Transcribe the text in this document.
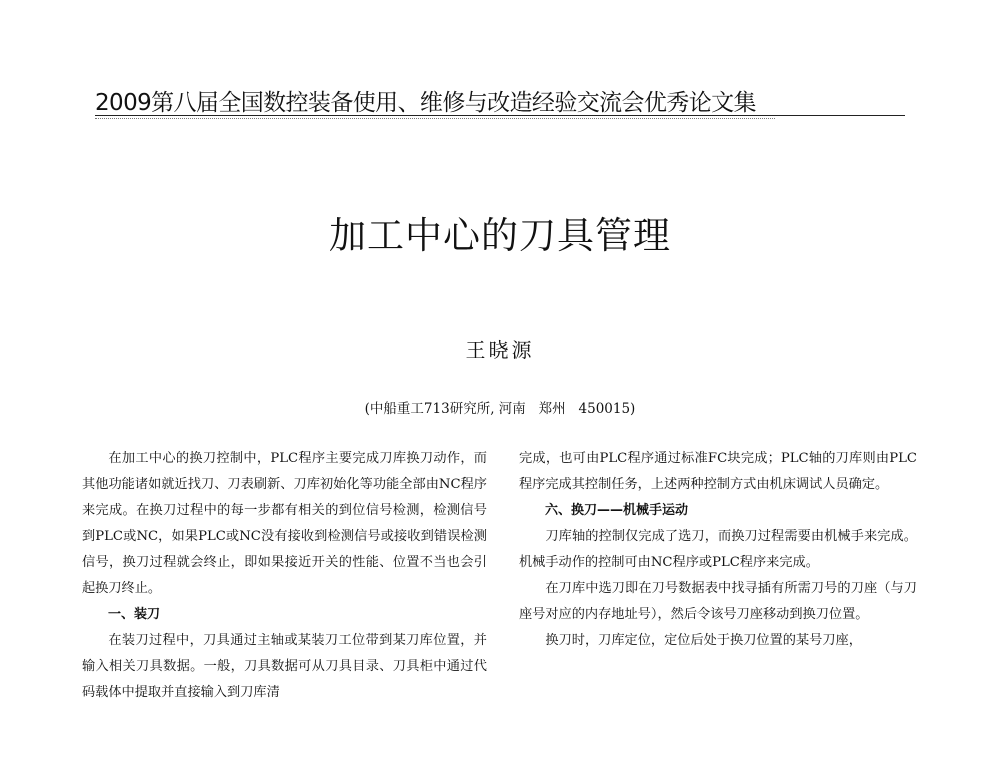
2009第八届全国数控装备使用、维修与改造经验交流会优秀论文集
加工中心的刀具管理
王晓源
(中船重工713研究所, 河南   郑州   450015)

在加工中心的换刀控制中，PLC程序主要完成刀库换刀动作，而其他功能诸如就近找刀、刀表刷新、刀库初始化等功能全部由NC程序来完成。在换刀过程中的每一步都有相关的到位信号检测，检测信号到PLC或NC，如果PLC或NC没有接收到检测信号或接收到错误检测信号，换刀过程就会终止，即如果接近开关的性能、位置不当也会引起换刀终止。

一、装刀

在装刀过程中，刀具通过主轴或某装刀工位带到某刀库位置，并输入相关刀具数据。一般，刀具数据可从刀具目录、刀具柜中通过代码载体中提取并直接输入到刀库清

完成，也可由PLC程序通过标准FC块完成；PLC轴的刀库则由PLC程序完成其控制任务，上述两种控制方式由机床调试人员确定。

六、换刀——机械手运动

刀库轴的控制仅完成了选刀，而换刀过程需要由机械手来完成。机械手动作的控制可由NC程序或PLC程序来完成。

在刀库中选刀即在刀号数据表中找寻插有所需刀号的刀座（与刀座号对应的内存地址号），然后令该号刀座移动到换刀位置。

换刀时，刀库定位，定位后处于换刀位置的某号刀座，
